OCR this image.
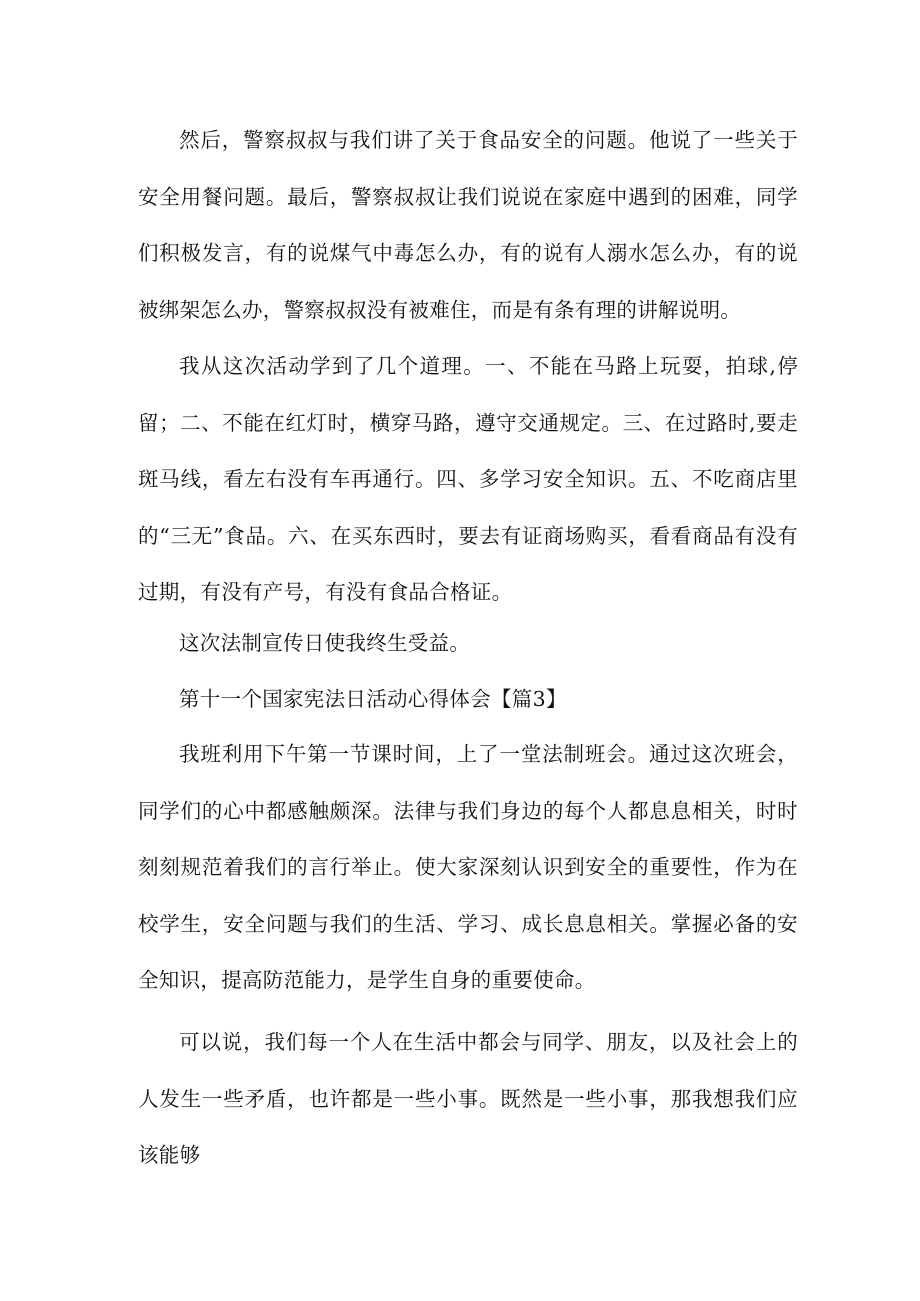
然后，警察叔叔与我们讲了关于食品安全的问题。他说了一些关于安全用餐问题。最后，警察叔叔让我们说说在家庭中遇到的困难，同学们积极发言，有的说煤气中毒怎么办，有的说有人溺水怎么办，有的说被绑架怎么办，警察叔叔没有被难住，而是有条有理的讲解说明。

我从这次活动学到了几个道理。一、不能在马路上玩耍，拍球,停留；二、不能在红灯时，横穿马路，遵守交通规定。三、在过路时,要走斑马线，看左右没有车再通行。四、多学习安全知识。五、不吃商店里的“三无”食品。六、在买东西时，要去有证商场购买，看看商品有没有过期，有没有产号，有没有食品合格证。

这次法制宣传日使我终生受益。

第十一个国家宪法日活动心得体会【篇3】

我班利用下午第一节课时间，上了一堂法制班会。通过这次班会，同学们的心中都感触颇深。法律与我们身边的每个人都息息相关，时时刻刻规范着我们的言行举止。使大家深刻认识到安全的重要性，作为在校学生，安全问题与我们的生活、学习、成长息息相关。掌握必备的安全知识，提高防范能力，是学生自身的重要使命。

可以说，我们每一个人在生活中都会与同学、朋友，以及社会上的人发生一些矛盾，也许都是一些小事。既然是一些小事，那我想我们应该能够
